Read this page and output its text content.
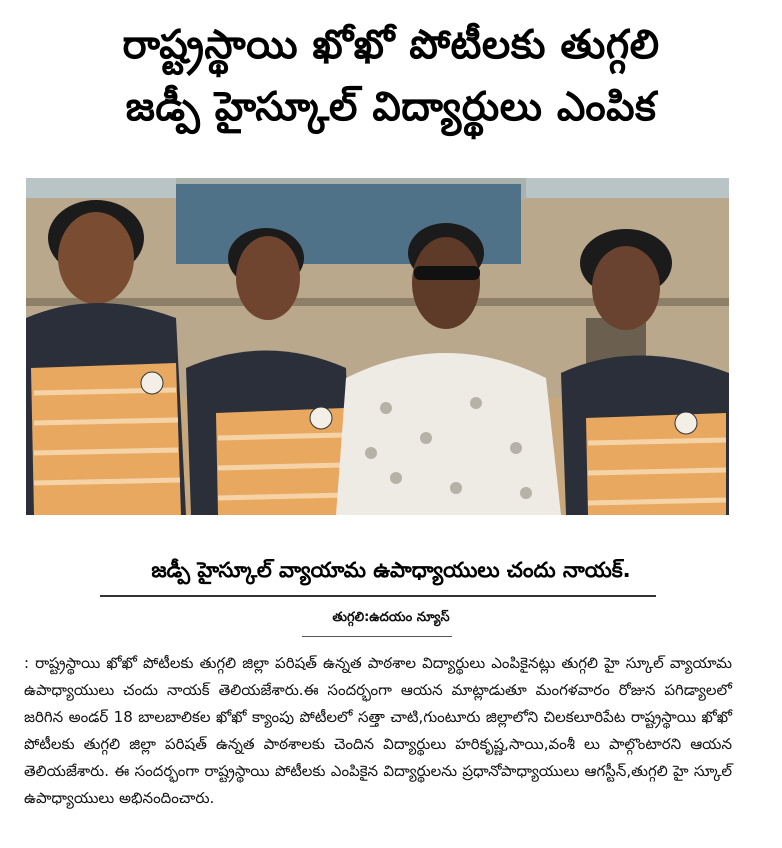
రాష్ట్రస్థాయి ఖోఖో పోటీలకు తుగ్గలి
జడ్పీ హైస్కూల్ విద్యార్థులు ఎంపిక
జడ్పీ హైస్కూల్ వ్యాయామ ఉపాధ్యాయులు చందు నాయక్.
తుగ్గలి:ఉదయం న్యూస్
: రాష్ట్రస్థాయి ఖోఖో పోటీలకు తుగ్గలి జిల్లా పరిషత్ ఉన్నత పాఠశాల విద్యార్థులు ఎంపికైనట్లు తుగ్గలి హై స్కూల్ వ్యాయామ ఉపాధ్యాయులు చందు నాయక్ తెలియజేశారు.ఈ సందర్భంగా ఆయన మాట్లాడుతూ మంగళవారం రోజున పగిడ్యాలలో జరిగిన అండర్ 18 బాలబాలికల ఖోఖో క్యాంపు పోటీలలో సత్తా చాటి,గుంటూరు జిల్లాలోని చిలకలూరిపేట రాష్ట్రస్థాయి ఖోఖో పోటీలకు తుగ్గలి జిల్లా పరిషత్ ఉన్నత పాఠశాలకు చెందిన విద్యార్థులు హరికృష్ణ,సాయి,వంశీ లు పాల్గొంటారని ఆయన తెలియజేశారు. ఈ సందర్భంగా రాష్ట్రస్థాయి పోటీలకు ఎంపికైన విద్యార్థులను ప్రధానోపాధ్యాయులు ఆగస్టీన్,తుగ్గలి హై స్కూల్ ఉపాధ్యాయులు అభినందించారు.
